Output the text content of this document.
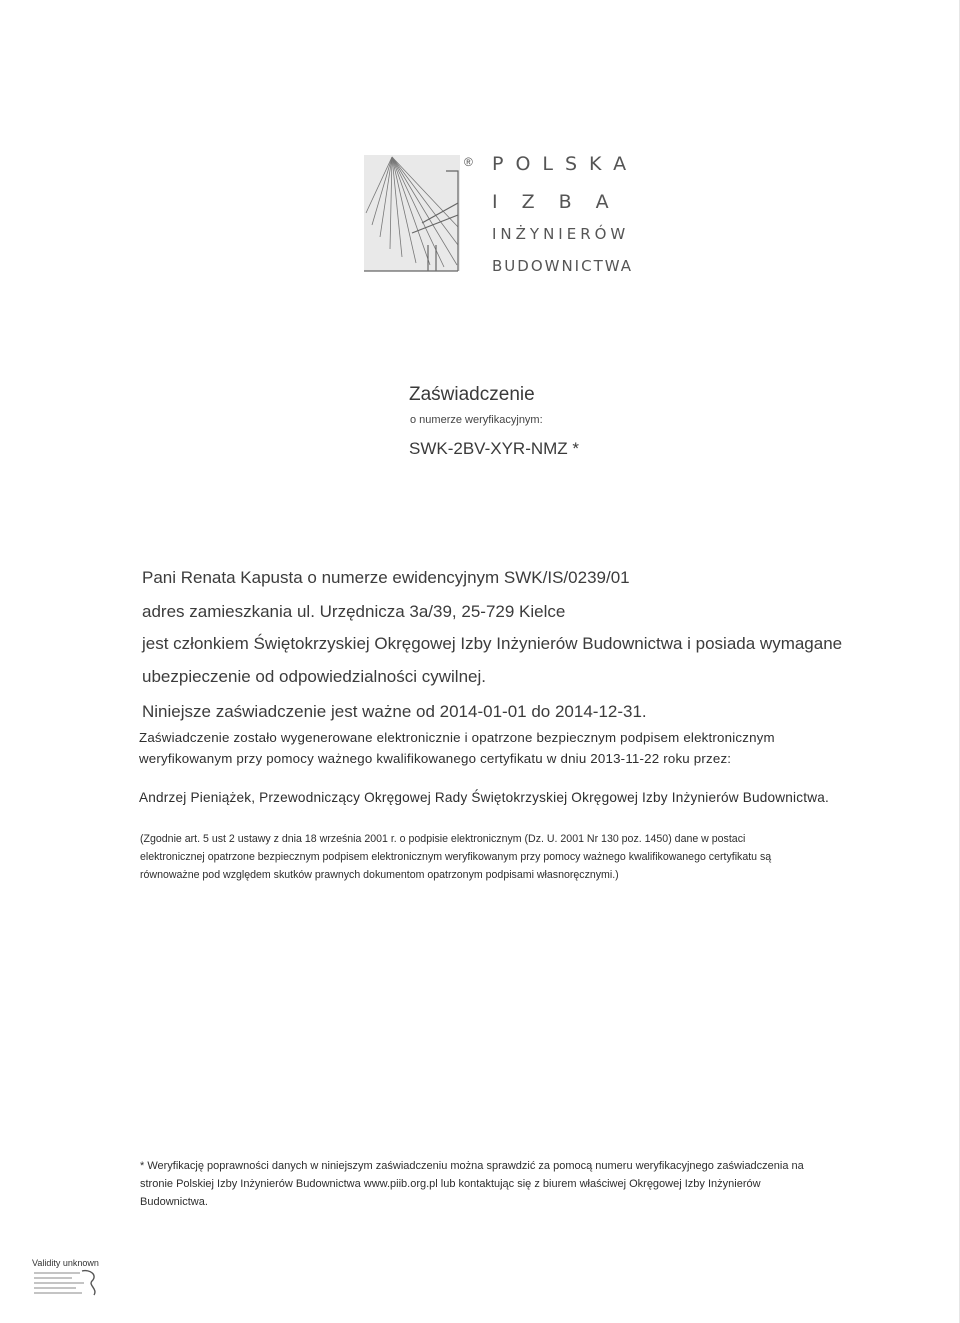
® POLSKA
IZBA
INŻYNIERÓW
BUDOWNICTWA
Zaświadczenie
o numerze weryfikacyjnym:
SWK-2BV-XYR-NMZ *
Pani Renata Kapusta o numerze ewidencyjnym SWK/IS/0239/01
adres zamieszkania ul. Urzędnicza 3a/39, 25-729 Kielce
jest członkiem Świętokrzyskiej Okręgowej Izby Inżynierów Budownictwa i posiada wymagane
ubezpieczenie od odpowiedzialności cywilnej.
Niniejsze zaświadczenie jest ważne od 2014-01-01 do 2014-12-31.
Zaświadczenie zostało wygenerowane elektronicznie i opatrzone bezpiecznym podpisem elektronicznym
weryfikowanym przy pomocy ważnego kwalifikowanego certyfikatu w dniu 2013-11-22 roku przez:
Andrzej Pieniążek, Przewodniczący Okręgowej Rady Świętokrzyskiej Okręgowej Izby Inżynierów Budownictwa.
(Zgodnie art. 5 ust 2 ustawy z dnia 18 września 2001 r. o podpisie elektronicznym (Dz. U. 2001 Nr 130 poz. 1450) dane w postaci
elektronicznej opatrzone bezpiecznym podpisem elektronicznym weryfikowanym przy pomocy ważnego kwalifikowanego certyfikatu są
równoważne pod względem skutków prawnych dokumentom opatrzonym podpisami własnoręcznymi.)
* Weryfikację poprawności danych w niniejszym zaświadczeniu można sprawdzić za pomocą numeru weryfikacyjnego zaświadczenia na
stronie Polskiej Izby Inżynierów Budownictwa www.piib.org.pl lub kontaktując się z biurem właściwej Okręgowej Izby Inżynierów
Budownictwa.
Validity unknown
